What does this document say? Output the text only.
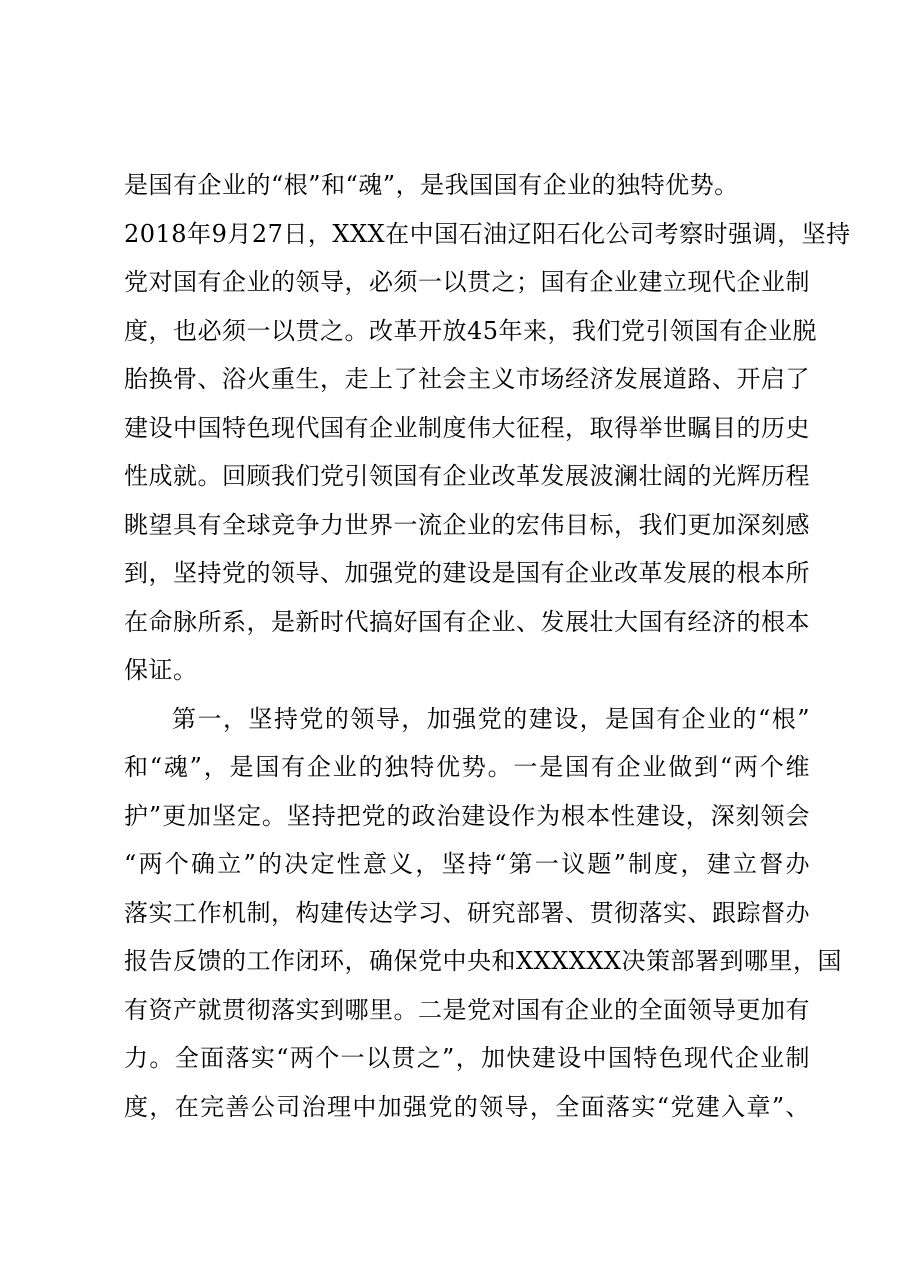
是国有企业的“根”和“魂”，是我国国有企业的独特优势。
2018年9月27日，XXX在中国石油辽阳石化公司考察时强调，坚持
党对国有企业的领导，必须一以贯之；国有企业建立现代企业制
度，也必须一以贯之。改革开放45年来，我们党引领国有企业脱
胎换骨、浴火重生，走上了社会主义市场经济发展道路、开启了
建设中国特色现代国有企业制度伟大征程，取得举世瞩目的历史
性成就。回顾我们党引领国有企业改革发展波澜壮阔的光辉历程
眺望具有全球竞争力世界一流企业的宏伟目标，我们更加深刻感
到，坚持党的领导、加强党的建设是国有企业改革发展的根本所
在命脉所系，是新时代搞好国有企业、发展壮大国有经济的根本
保证。
第一，坚持党的领导，加强党的建设，是国有企业的“根”
和“魂”，是国有企业的独特优势。一是国有企业做到“两个维
护”更加坚定。坚持把党的政治建设作为根本性建设，深刻领会
“两个确立”的决定性意义，坚持“第一议题”制度，建立督办
落实工作机制，构建传达学习、研究部署、贯彻落实、跟踪督办
报告反馈的工作闭环，确保党中央和XXXXXX决策部署到哪里，国
有资产就贯彻落实到哪里。二是党对国有企业的全面领导更加有
力。全面落实“两个一以贯之”，加快建设中国特色现代企业制
度，在完善公司治理中加强党的领导，全面落实“党建入章”、
